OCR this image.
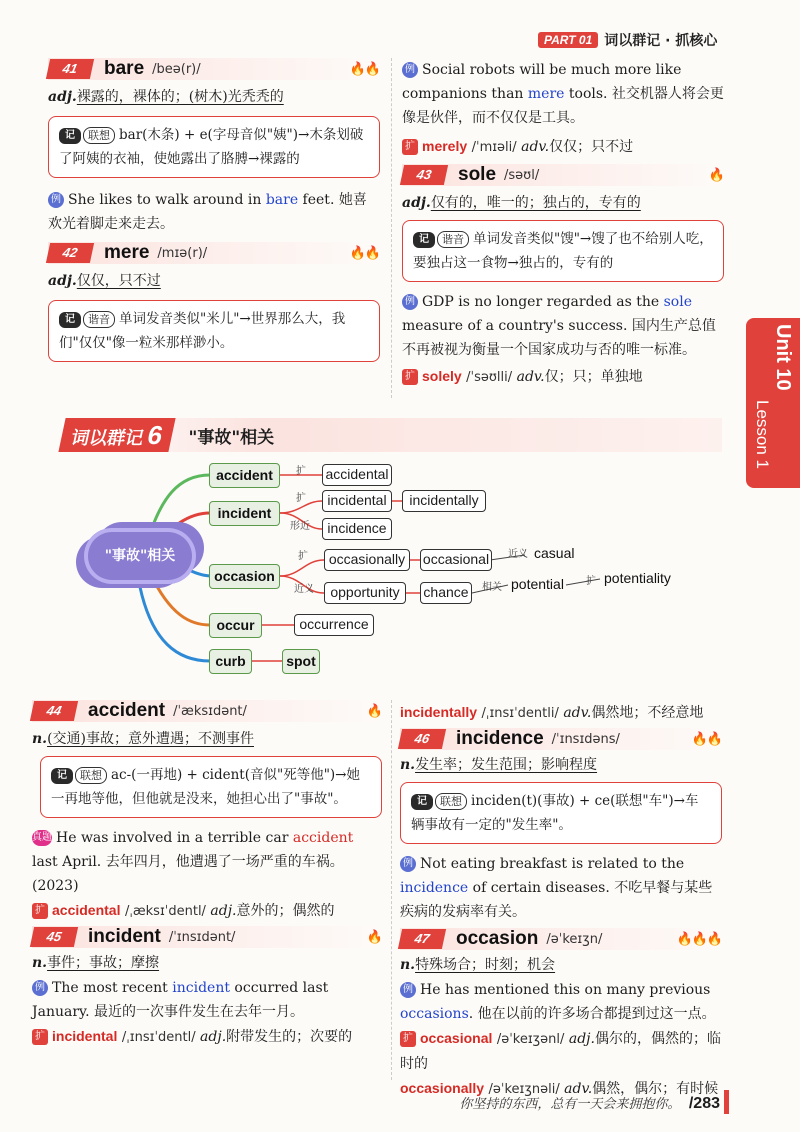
PART 01 词以群记 · 抓核心
Unit 10
Lesson 1
41	bare /beə(r)/	🔥🔥
adj.裸露的，裸体的；(树木)光秃秃的
记 联想 bar(木条) + e(字母音似"姨")→木条划破了阿姨的衣袖，使她露出了胳膊→裸露的
例 She likes to walk around in bare feet. 她喜欢光着脚走来走去。
42	mere /mɪə(r)/	🔥🔥
adj.仅仅，只不过
记 谐音 单词发音类似"米儿"→世界那么大，我们"仅仅"像一粒米那样渺小。
例 Social robots will be much more like companions than mere tools. 社交机器人将会更像是伙伴，而不仅仅是工具。
扩 merely /ˈmɪəli/ adv.仅仅；只不过
43	sole /səʊl/	🔥
adj.仅有的，唯一的；独占的，专有的
记 谐音 单词发音类似"馊"→馊了也不给别人吃，要独占这一食物→独占的，专有的
例 GDP is no longer regarded as the sole measure of a country's success. 国内生产总值不再被视为衡量一个国家成功与否的唯一标准。
扩 solely /ˈsəʊlli/ adv.仅；只；单独地
词以群记6	"事故"相关
"事故"相关
accident
incident
occasion
occur
curb	spot
accidental
incidental	incidentally
incidence
occasionally	occasional
opportunity	chance
occurrence
casual
potential	potentiality
扩
扩
形近
扩
近义
近义
相关
扩
44	accident /ˈæksɪdənt/	🔥
n.(交通)事故；意外遭遇；不测事件
记 联想 ac-(一再地) + cident(音似"死等他")→她一再地等他，但他就是没来，她担心出了"事故"。
真题 He was involved in a terrible car accident last April. 去年四月，他遭遇了一场严重的车祸。(2023)
扩 accidental /ˌæksɪˈdentl/ adj.意外的；偶然的
45	incident /ˈɪnsɪdənt/	🔥
n.事件；事故；摩擦
例 The most recent incident occurred last January. 最近的一次事件发生在去年一月。
扩 incidental /ˌɪnsɪˈdentl/ adj.附带发生的；次要的
incidentally /ˌɪnsɪˈdentli/ adv.偶然地；不经意地
46	incidence /ˈɪnsɪdəns/	🔥🔥
n.发生率；发生范围；影响程度
记 联想 inciden(t)(事故) + ce(联想"车")→车辆事故有一定的"发生率"。
例 Not eating breakfast is related to the incidence of certain diseases. 不吃早餐与某些疾病的发病率有关。
47	occasion /əˈkeɪʒn/	🔥🔥🔥
n.特殊场合；时刻；机会
例 He has mentioned this on many previous occasions. 他在以前的许多场合都提到过这一点。
扩 occasional /əˈkeɪʒənl/ adj.偶尔的，偶然的；临时的
occasionally /əˈkeɪʒnəli/ adv.偶然，偶尔；有时候
你坚持的东西，总有一天会来拥抱你。 /283
